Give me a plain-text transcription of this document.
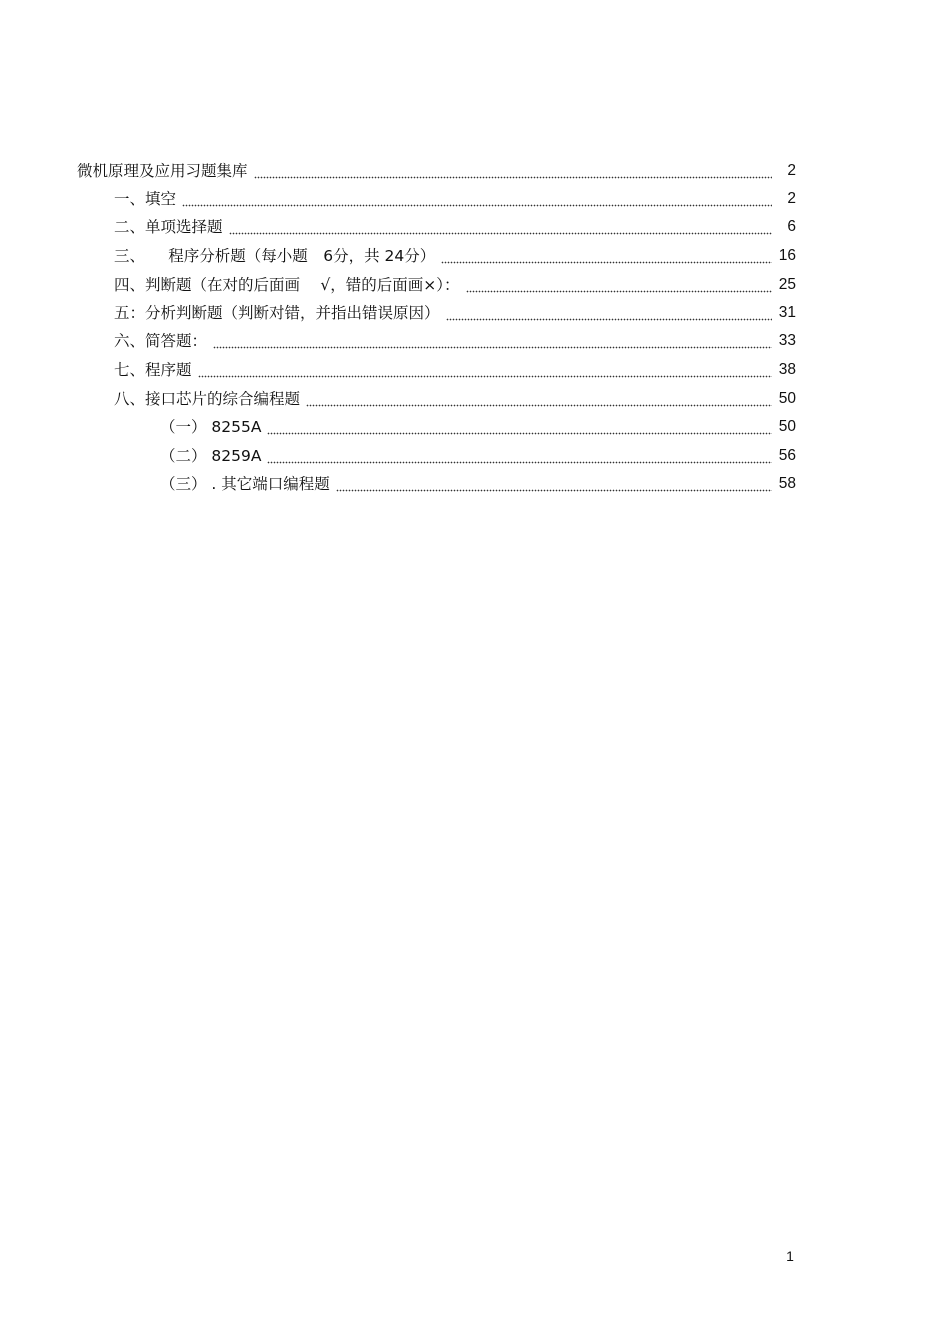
微机原理及应用习题集库	2
一、填空	2
二、单项选择题	6
三、　　程序分析题（每小题　6分，共 24分）	16
四、判断题（在对的后面画　 √，错的后面画×）：	25
五：分析判断题（判断对错，并指出错误原因）	31
六、简答题：	33
七、程序题	38
八、接口芯片的综合编程题	50
（一） 8255A	50
（二） 8259A	56
（三） . 其它端口编程题	58
1
